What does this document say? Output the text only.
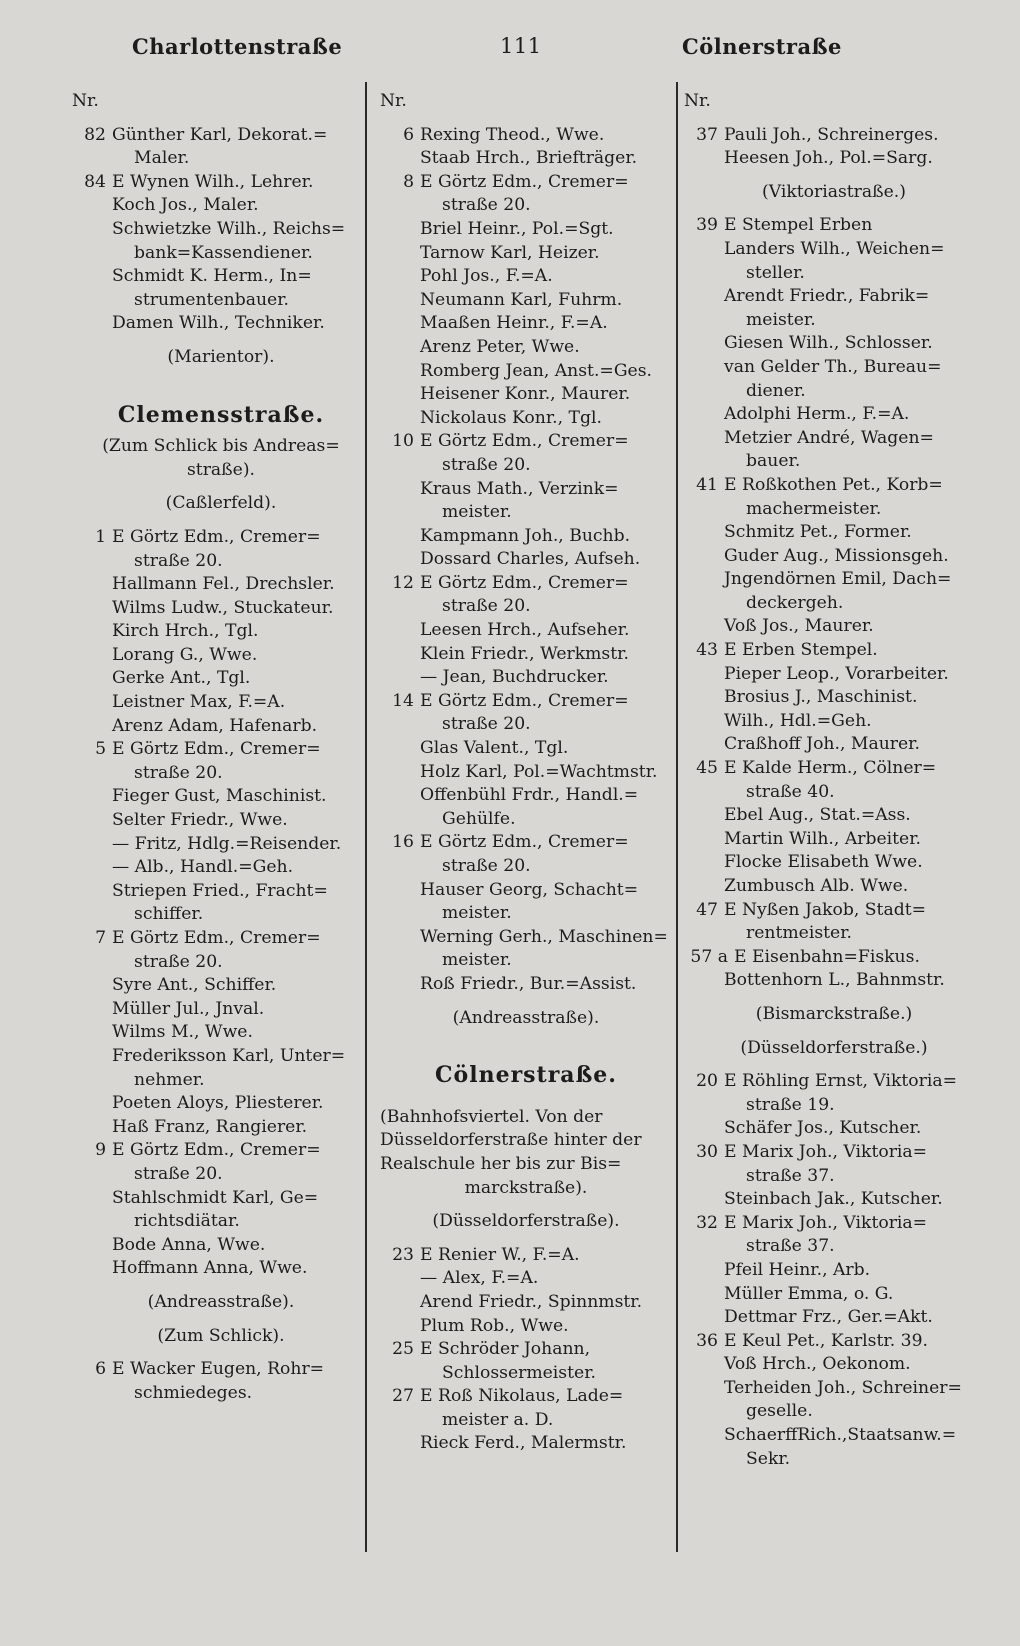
Charlottenstraße	111	Cölnerstraße
Nr.
82 Günther Karl, Dekorat.=
Maler.
84 E Wynen Wilh., Lehrer.
Koch Jos., Maler.
Schwietzke Wilh., Reichs=
bank=Kassendiener.
Schmidt K. Herm., In=
strumentenbauer.
Damen Wilh., Techniker.
(Marientor).
Clemensstraße.
(Zum Schlick bis Andreas=
straße).
(Caßlerfeld).
1 E Görtz Edm., Cremer=
straße 20.
Hallmann Fel., Drechsler.
Wilms Ludw., Stuckateur.
Kirch Hrch., Tgl.
Lorang G., Wwe.
Gerke Ant., Tgl.
Leistner Max, F.=A.
Arenz Adam, Hafenarb.
5 E Görtz Edm., Cremer=
straße 20.
Fieger Gust, Maschinist.
Selter Friedr., Wwe.
— Fritz, Hdlg.=Reisender.
— Alb., Handl.=Geh.
Striepen Fried., Fracht=
schiffer.
7 E Görtz Edm., Cremer=
straße 20.
Syre Ant., Schiffer.
Müller Jul., Jnval.
Wilms M., Wwe.
Frederiksson Karl, Unter=
nehmer.
Poeten Aloys, Pliesterer.
Haß Franz, Rangierer.
9 E Görtz Edm., Cremer=
straße 20.
Stahlschmidt Karl, Ge=
richtsdiätar.
Bode Anna, Wwe.
Hoffmann Anna, Wwe.
(Andreasstraße).
(Zum Schlick).
6 E Wacker Eugen, Rohr=
schmiedeges.
Nr.
6 Rexing Theod., Wwe.
Staab Hrch., Briefträger.
8 E Görtz Edm., Cremer=
straße 20.
Briel Heinr., Pol.=Sgt.
Tarnow Karl, Heizer.
Pohl Jos., F.=A.
Neumann Karl, Fuhrm.
Maaßen Heinr., F.=A.
Arenz Peter, Wwe.
Romberg Jean, Anst.=Ges.
Heisener Konr., Maurer.
Nickolaus Konr., Tgl.
10 E Görtz Edm., Cremer=
straße 20.
Kraus Math., Verzink=
meister.
Kampmann Joh., Buchb.
Dossard Charles, Aufseh.
12 E Görtz Edm., Cremer=
straße 20.
Leesen Hrch., Aufseher.
Klein Friedr., Werkmstr.
— Jean, Buchdrucker.
14 E Görtz Edm., Cremer=
straße 20.
Glas Valent., Tgl.
Holz Karl, Pol.=Wachtmstr.
Offenbühl Frdr., Handl.=
Gehülfe.
16 E Görtz Edm., Cremer=
straße 20.
Hauser Georg, Schacht=
meister.
Werning Gerh., Maschinen=
meister.
Roß Friedr., Bur.=Assist.
(Andreasstraße).
Cölnerstraße.
(Bahnhofsviertel. Von der
Düsseldorferstraße hinter der
Realschule her bis zur Bis=
marckstraße).
(Düsseldorferstraße).
23 E Renier W., F.=A.
— Alex, F.=A.
Arend Friedr., Spinnmstr.
Plum Rob., Wwe.
25 E Schröder Johann,
Schlossermeister.
27 E Roß Nikolaus, Lade=
meister a. D.
Rieck Ferd., Malermstr.
Nr.
37 Pauli Joh., Schreinerges.
Heesen Joh., Pol.=Sarg.
(Viktoriastraße.)
39 E Stempel Erben
Landers Wilh., Weichen=
steller.
Arendt Friedr., Fabrik=
meister.
Giesen Wilh., Schlosser.
van Gelder Th., Bureau=
diener.
Adolphi Herm., F.=A.
Metzier André, Wagen=
bauer.
41 E Roßkothen Pet., Korb=
machermeister.
Schmitz Pet., Former.
Guder Aug., Missionsgeh.
Jngendörnen Emil, Dach=
deckergeh.
Voß Jos., Maurer.
43 E Erben Stempel.
Pieper Leop., Vorarbeiter.
Brosius J., Maschinist.
Wilh., Hdl.=Geh.
Craßhoff Joh., Maurer.
45 E Kalde Herm., Cölner=
straße 40.
Ebel Aug., Stat.=Ass.
Martin Wilh., Arbeiter.
Flocke Elisabeth Wwe.
Zumbusch Alb. Wwe.
47 E Nyßen Jakob, Stadt=
rentmeister.
57 a E Eisenbahn=Fiskus.
Bottenhorn L., Bahnmstr.
(Bismarckstraße.)
(Düsseldorferstraße.)
20 E Röhling Ernst, Viktoria=
straße 19.
Schäfer Jos., Kutscher.
30 E Marix Joh., Viktoria=
straße 37.
Steinbach Jak., Kutscher.
32 E Marix Joh., Viktoria=
straße 37.
Pfeil Heinr., Arb.
Müller Emma, o. G.
Dettmar Frz., Ger.=Akt.
36 E Keul Pet., Karlstr. 39.
Voß Hrch., Oekonom.
Terheiden Joh., Schreiner=
geselle.
SchaerffRich.,Staatsanw.=
Sekr.
